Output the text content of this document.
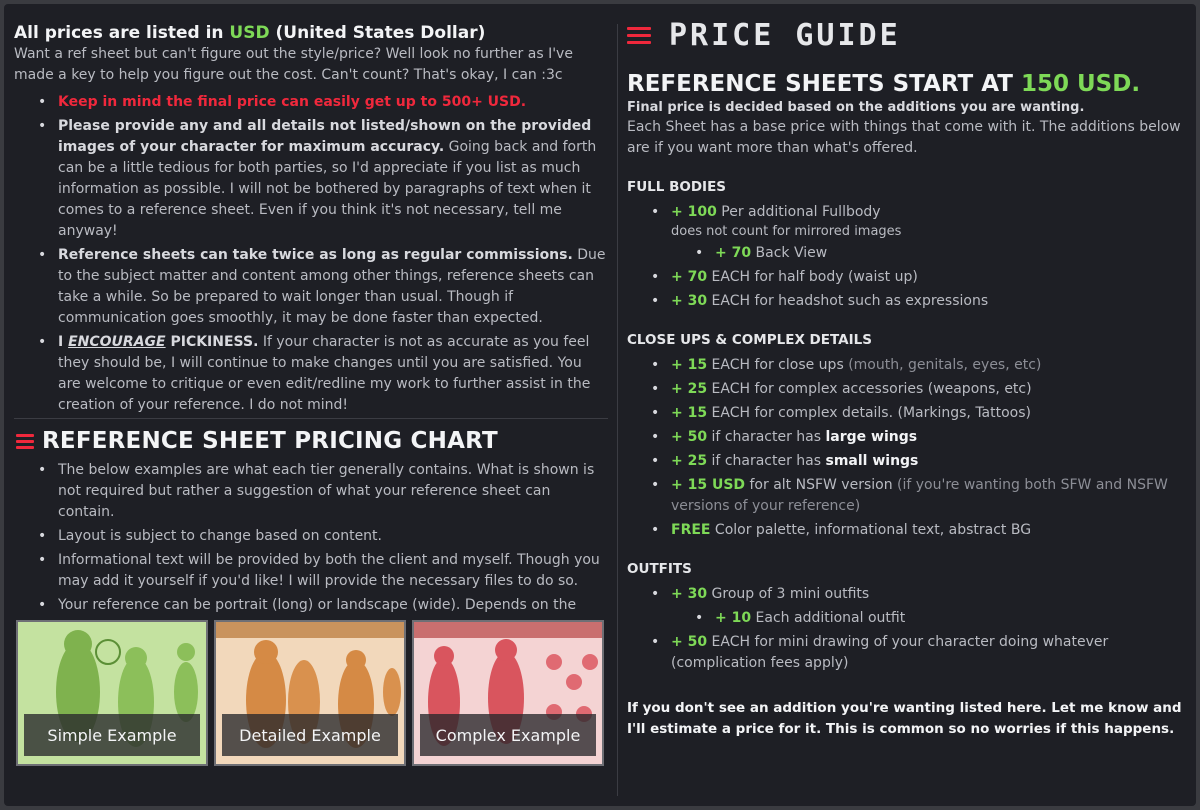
All prices are listed in USD (United States Dollar)

Want a ref sheet but can't figure out the style/price? Well look no further as I've made a key to help you figure out the cost. Can't count? That's okay, I can :3c

• Keep in mind the final price can easily get up to 500+ USD.
• Please provide any and all details not listed/shown on the provided images of your character for maximum accuracy. Going back and forth can be a little tedious for both parties, so I'd appreciate if you list as much information as possible. I will not be bothered by paragraphs of text when it comes to a reference sheet. Even if you think it's not necessary, tell me anyway!
• Reference sheets can take twice as long as regular commissions. Due to the subject matter and content among other things, reference sheets can take a while. So be prepared to wait longer than usual. Though if communication goes smoothly, it may be done faster than expected.
• I ENCOURAGE PICKINESS. If your character is not as accurate as you feel they should be, I will continue to make changes until you are satisfied. You are welcome to critique or even edit/redline my work to further assist in the creation of your reference. I do not mind!
REFERENCE SHEET PRICING CHART
• The below examples are what each tier generally contains. What is shown is not required but rather a suggestion of what your reference sheet can contain.
• Layout is subject to change based on content.
• Informational text will be provided by both the client and myself. Though you may add it yourself if you'd like! I will provide the necessary files to do so.
• Your reference can be portrait (long) or landscape (wide). Depends on the
Simple Example	Detailed Example	Complex Example
PRICE GUIDE
REFERENCE SHEETS START AT 150 USD.
Final price is decided based on the additions you are wanting.

Each Sheet has a base price with things that come with it. The additions below are if you want more than what's offered.

FULL BODIES
• + 100 Per additional Fullbody
does not count for mirrored images
• + 70 Back View
• + 70 EACH for half body (waist up)
• + 30 EACH for headshot such as expressions
CLOSE UPS & COMPLEX DETAILS
• + 15 EACH for close ups (mouth, genitals, eyes, etc)
• + 25 EACH for complex accessories (weapons, etc)
• + 15 EACH for complex details. (Markings, Tattoos)
• + 50 if character has large wings
• + 25 if character has small wings
• + 15 USD for alt NSFW version (if you're wanting both SFW and NSFW versions of your reference)
• FREE Color palette, informational text, abstract BG
OUTFITS
• + 30 Group of 3 mini outfits
• + 10 Each additional outfit
• + 50 EACH for mini drawing of your character doing whatever (complication fees apply)
If you don't see an addition you're wanting listed here. Let me know and I'll estimate a price for it. This is common so no worries if this happens.
